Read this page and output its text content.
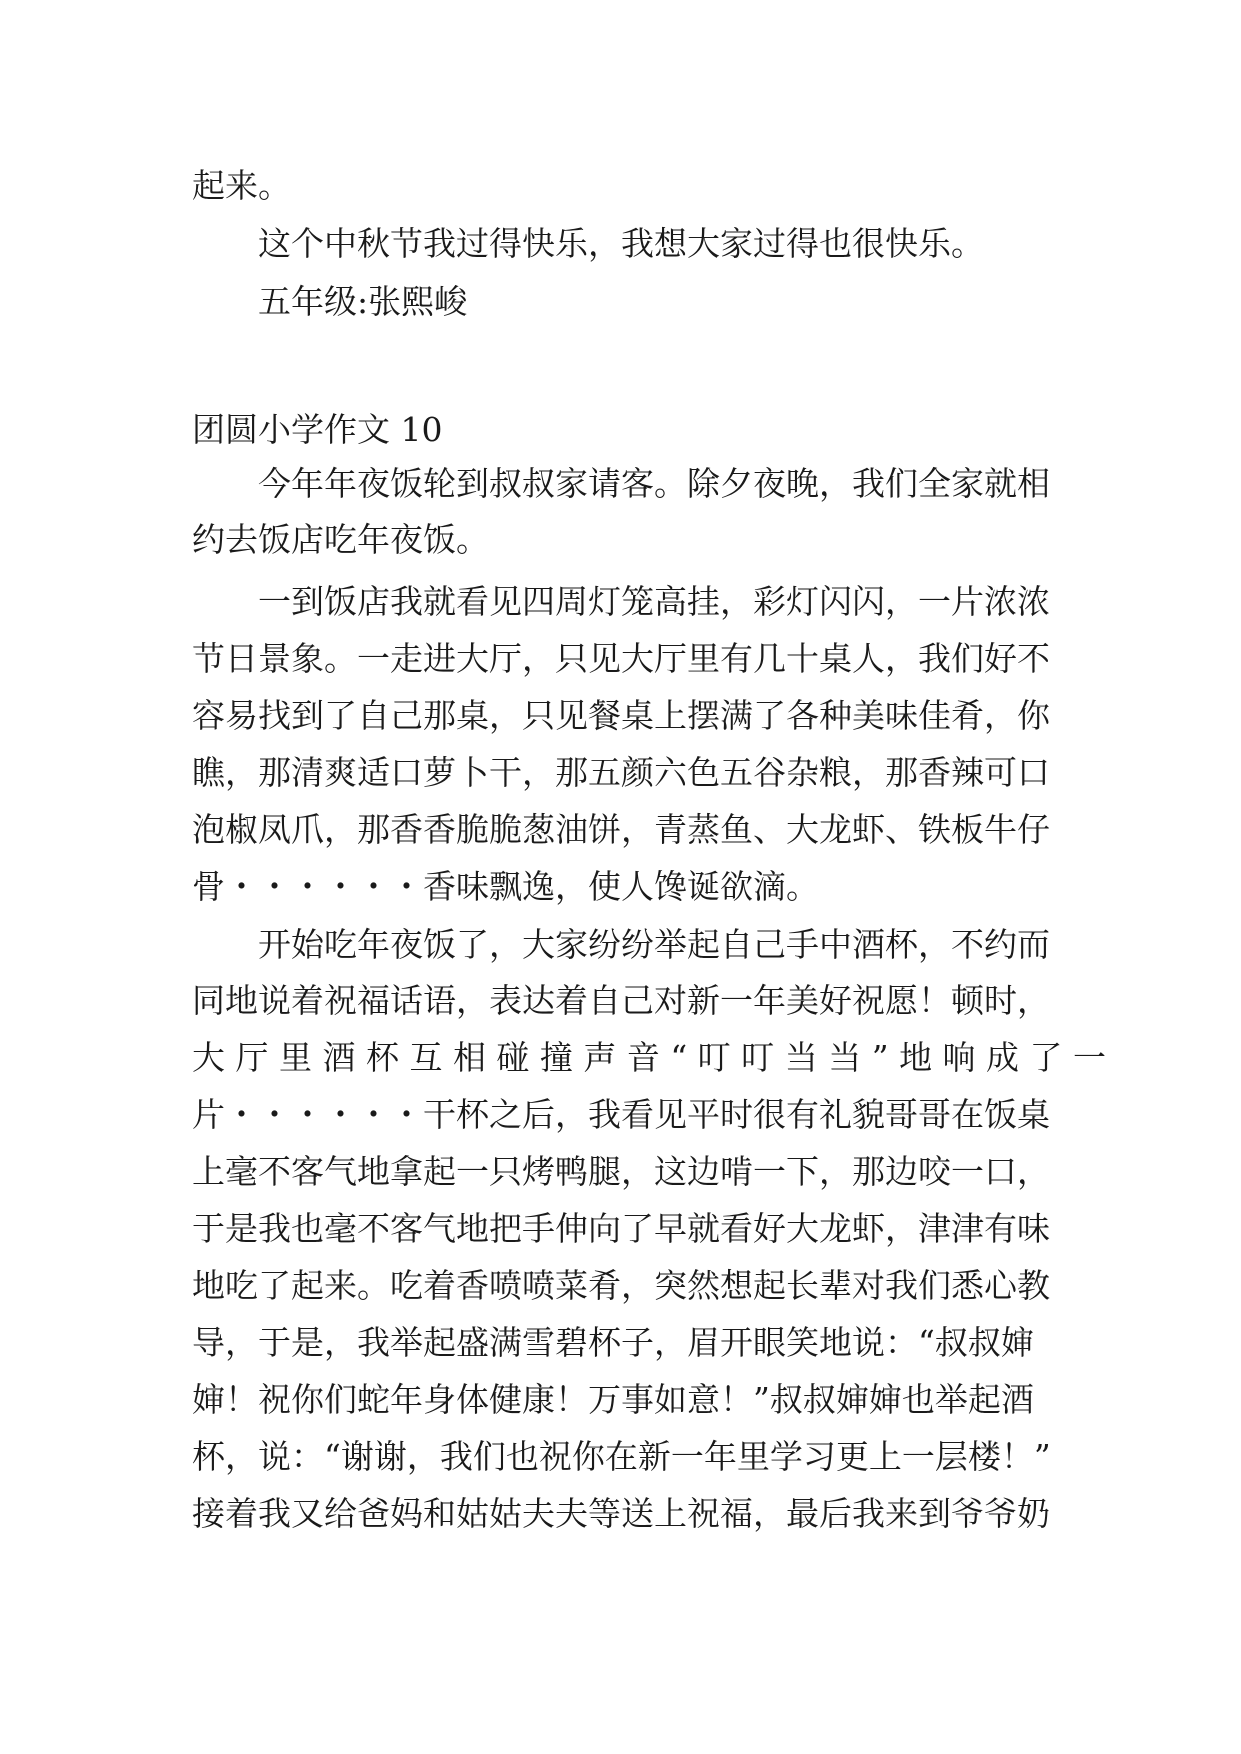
起来。
这个中秋节我过得快乐，我想大家过得也很快乐。
五年级:张熙峻
团圆小学作文 10
今年年夜饭轮到叔叔家请客。除夕夜晚，我们全家就相
约去饭店吃年夜饭。
一到饭店我就看见四周灯笼高挂，彩灯闪闪，一片浓浓
节日景象。一走进大厅，只见大厅里有几十桌人，我们好不
容易找到了自己那桌，只见餐桌上摆满了各种美味佳肴，你
瞧，那清爽适口萝卜干，那五颜六色五谷杂粮，那香辣可口
泡椒凤爪，那香香脆脆葱油饼，青蒸鱼、大龙虾、铁板牛仔
骨・・・・・・香味飘逸，使人馋诞欲滴。
开始吃年夜饭了，大家纷纷举起自己手中酒杯，不约而
同地说着祝福话语，表达着自己对新一年美好祝愿！顿时，
大 厅 里 酒 杯 互 相 碰 撞 声 音 “ 叮 叮 当 当 ” 地 响 成 了 一
片・・・・・・干杯之后，我看见平时很有礼貌哥哥在饭桌
上毫不客气地拿起一只烤鸭腿，这边啃一下，那边咬一口，
于是我也毫不客气地把手伸向了早就看好大龙虾，津津有味
地吃了起来。吃着香喷喷菜肴，突然想起长辈对我们悉心教
导，于是，我举起盛满雪碧杯子，眉开眼笑地说：“叔叔婶
婶！祝你们蛇年身体健康！万事如意！”叔叔婶婶也举起酒
杯，说：“谢谢，我们也祝你在新一年里学习更上一层楼！”
接着我又给爸妈和姑姑夫夫等送上祝福，最后我来到爷爷奶
